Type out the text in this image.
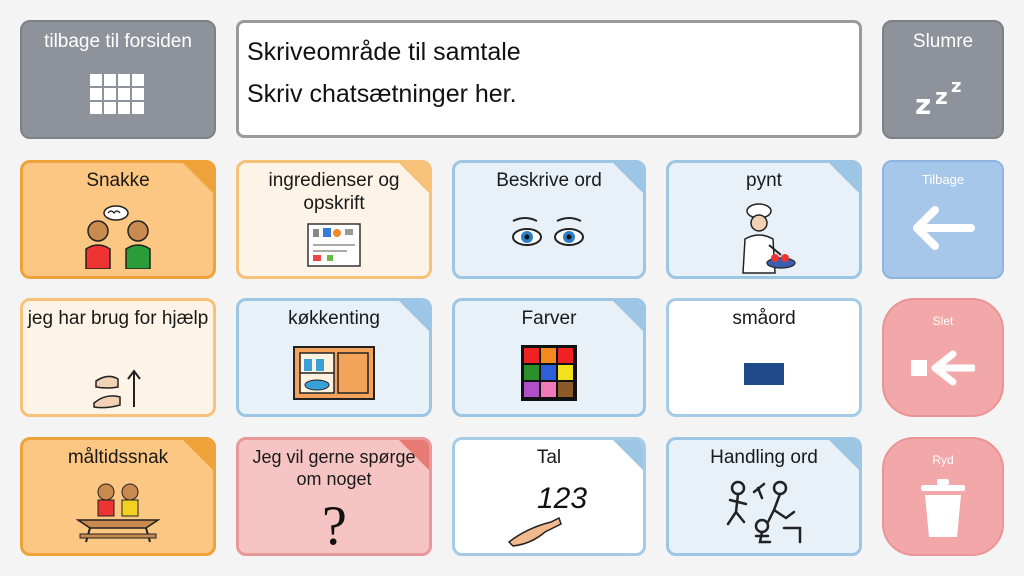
tilbage til forsiden	Skriveområde til samtale
Skriv chatsætninger her.
Slumre
z z z
Snakke	ingredienser og opskrift
Beskrive ord	pynt	Tilbage
jeg har brug for hjælp	køkkenting	Farver	småord	Slet
måltidssnak	Jeg vil gerne spørge om noget
?
Tal
123
Handling ord	Ryd
